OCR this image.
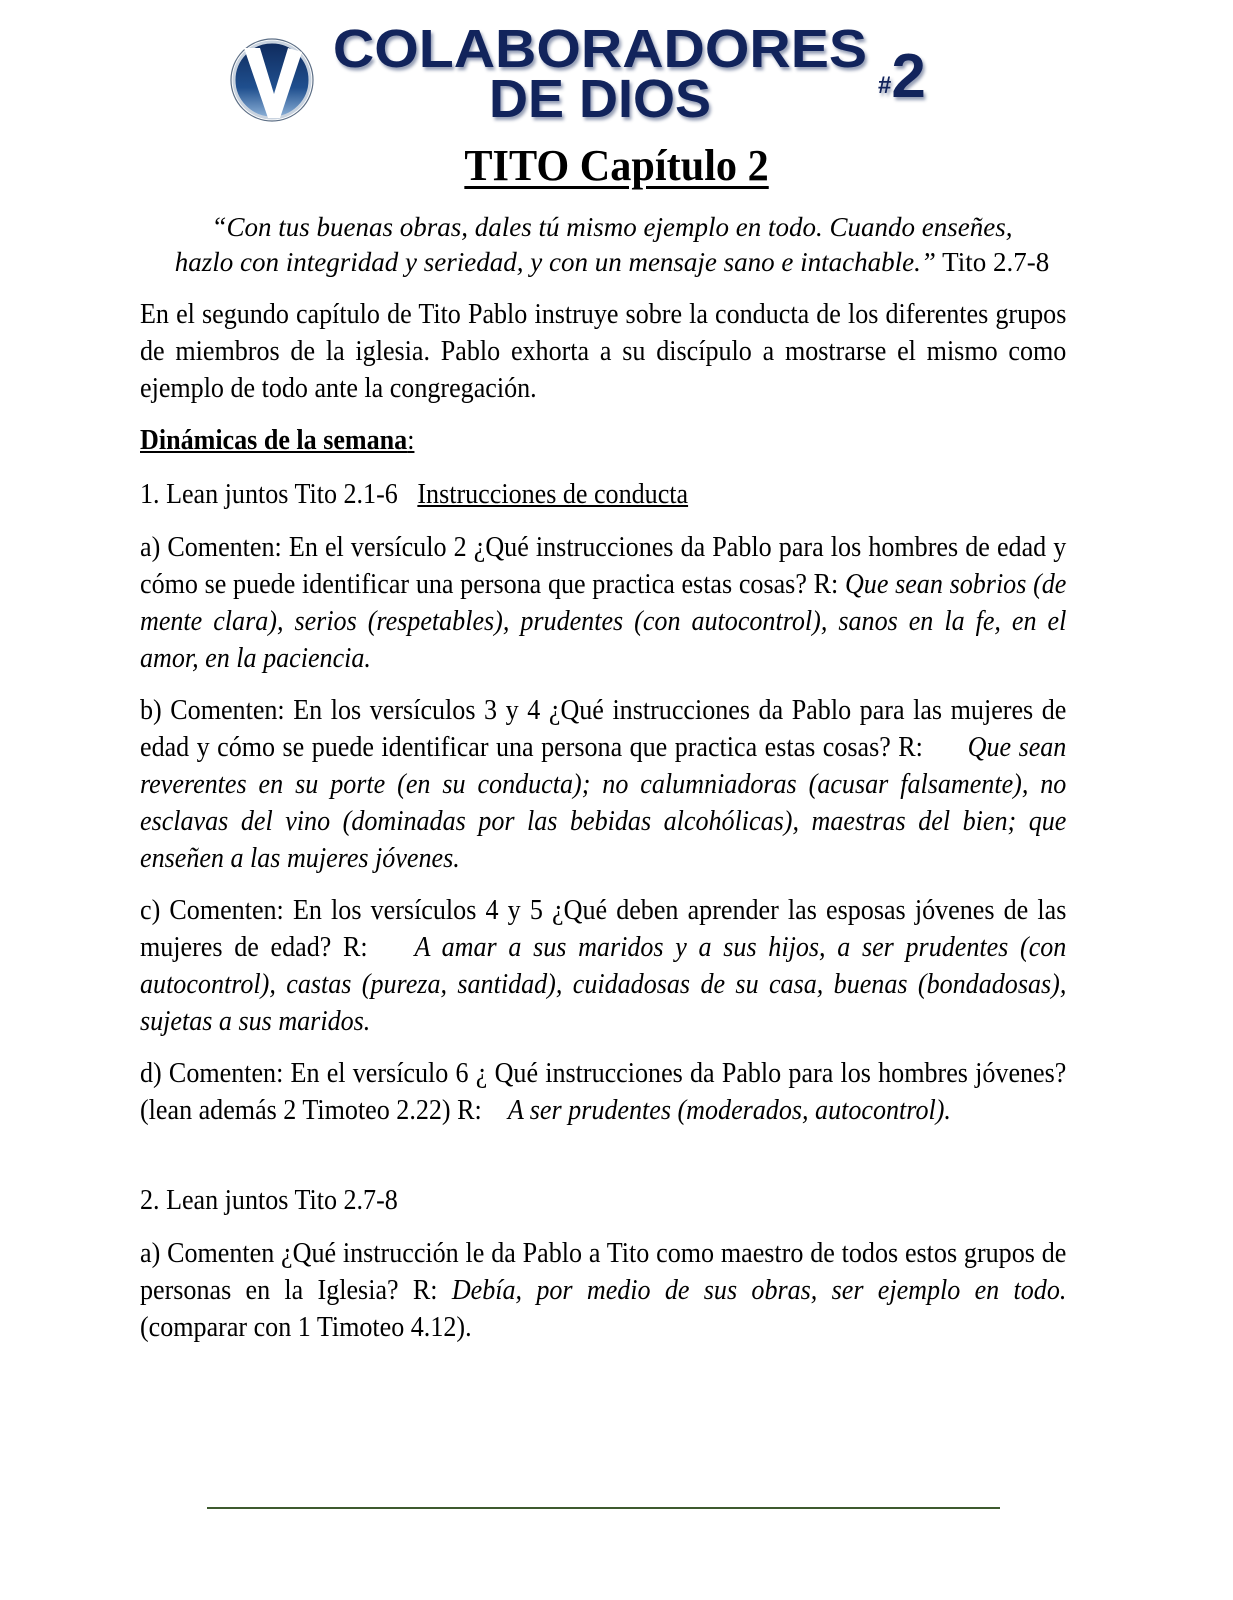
COLABORADORES
DE DIOS	#2
TITO Capítulo 2
“Con tus buenas obras, dales tú mismo ejemplo en todo. Cuando enseñes,
hazlo con integridad y seriedad, y con un mensaje sano e intachable.” Tito 2.7-8

En el segundo capítulo de Tito Pablo instruye sobre la conducta de los diferentes grupos de miembros de la iglesia. Pablo exhorta a su discípulo a mostrarse el mismo como ejemplo de todo ante la congregación.

Dinámicas de la semana:

1. Lean juntos Tito 2.1-6 Instrucciones de conducta

a) Comenten: En el versículo 2 ¿Qué instrucciones da Pablo para los hombres de edad y cómo se puede identificar una persona que practica estas cosas? R: Que sean sobrios (de mente clara), serios (respetables), prudentes (con autocontrol), sanos en la fe, en el amor, en la paciencia.

b) Comenten: En los versículos 3 y 4 ¿Qué instrucciones da Pablo para las mujeres de edad y cómo se puede identificar una persona que practica estas cosas? R: Que sean reverentes en su porte (en su conducta); no calumniadoras (acusar falsamente), no esclavas del vino (dominadas por las bebidas alcohólicas), maestras del bien; que enseñen a las mujeres jóvenes.

c) Comenten: En los versículos 4 y 5 ¿Qué deben aprender las esposas jóvenes de las mujeres de edad? R: A amar a sus maridos y a sus hijos, a ser prudentes (con autocontrol), castas (pureza, santidad), cuidadosas de su casa, buenas (bondadosas), sujetas a sus maridos.

d) Comenten: En el versículo 6 ¿ Qué instrucciones da Pablo para los hombres jóvenes? (lean además 2 Timoteo 2.22) R: A ser prudentes (moderados, autocontrol).

2. Lean juntos Tito 2.7-8

a) Comenten ¿Qué instrucción le da Pablo a Tito como maestro de todos estos grupos de personas en la Iglesia? R: Debía, por medio de sus obras, ser ejemplo en todo. (comparar con 1 Timoteo 4.12).
